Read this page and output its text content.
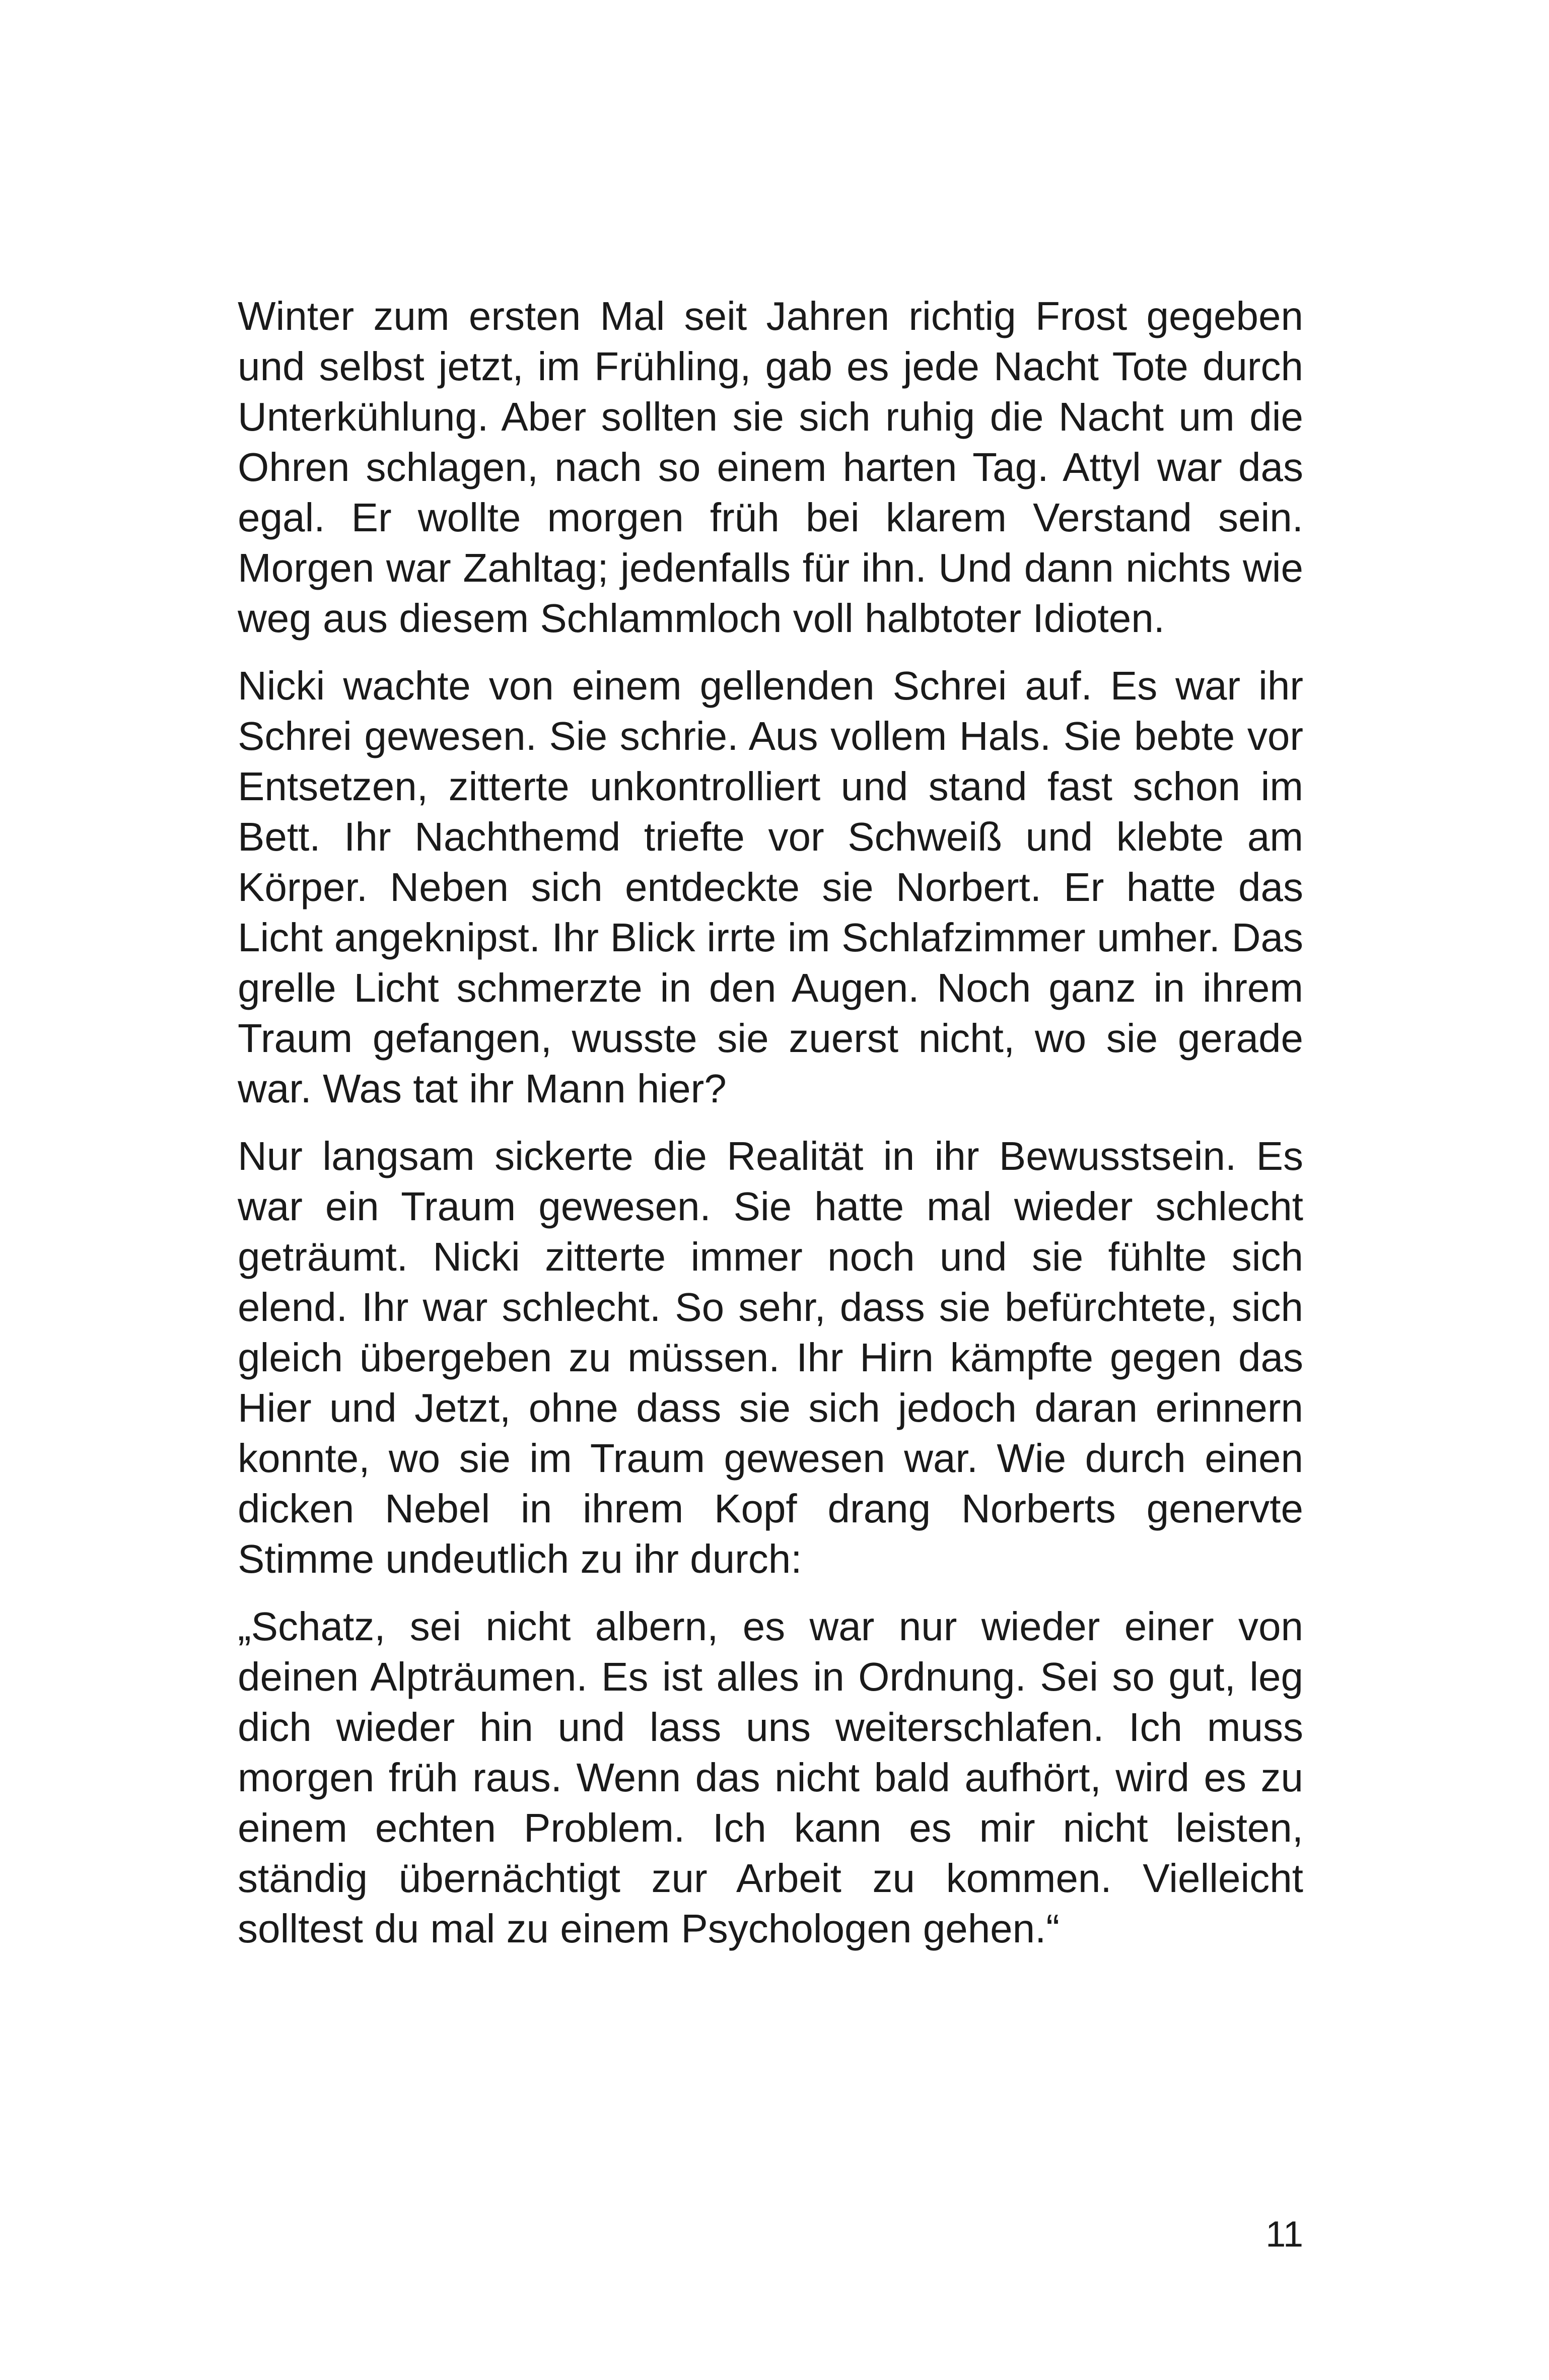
Winter zum ersten Mal seit Jahren richtig Frost gegeben und selbst jetzt, im Frühling, gab es jede Nacht Tote durch Unterkühlung. Aber sollten sie sich ruhig die Nacht um die Ohren schlagen, nach so einem harten Tag. Attyl war das egal. Er wollte morgen früh bei klarem Verstand sein. Morgen war Zahltag; jedenfalls für ihn. Und dann nichts wie weg aus diesem Schlammloch voll halbtoter Idioten.

Nicki wachte von einem gellenden Schrei auf. Es war ihr Schrei gewesen. Sie schrie. Aus vollem Hals. Sie bebte vor Entsetzen, zitterte unkontrolliert und stand fast schon im Bett. Ihr Nachthemd triefte vor Schweiß und klebte am Körper. Neben sich entdeckte sie Norbert. Er hatte das Licht angeknipst. Ihr Blick irrte im Schlafzimmer umher. Das grelle Licht schmerzte in den Augen. Noch ganz in ihrem Traum gefangen, wusste sie zuerst nicht, wo sie gerade war. Was tat ihr Mann hier?

Nur langsam sickerte die Realität in ihr Bewusstsein. Es war ein Traum gewesen. Sie hatte mal wieder schlecht geträumt. Nicki zitterte immer noch und sie fühlte sich elend. Ihr war schlecht. So sehr, dass sie befürchtete, sich gleich übergeben zu müssen. Ihr Hirn kämpfte gegen das Hier und Jetzt, ohne dass sie sich jedoch daran erinnern konnte, wo sie im Traum gewesen war. Wie durch einen dicken Nebel in ihrem Kopf drang Norberts genervte Stimme undeutlich zu ihr durch:

„Schatz, sei nicht albern, es war nur wieder einer von deinen Alpträumen. Es ist alles in Ordnung. Sei so gut, leg dich wieder hin und lass uns weiterschlafen. Ich muss morgen früh raus. Wenn das nicht bald aufhört, wird es zu einem echten Problem. Ich kann es mir nicht leisten, ständig übernächtigt zur Arbeit zu kommen. Vielleicht solltest du mal zu einem Psychologen gehen.“

11
